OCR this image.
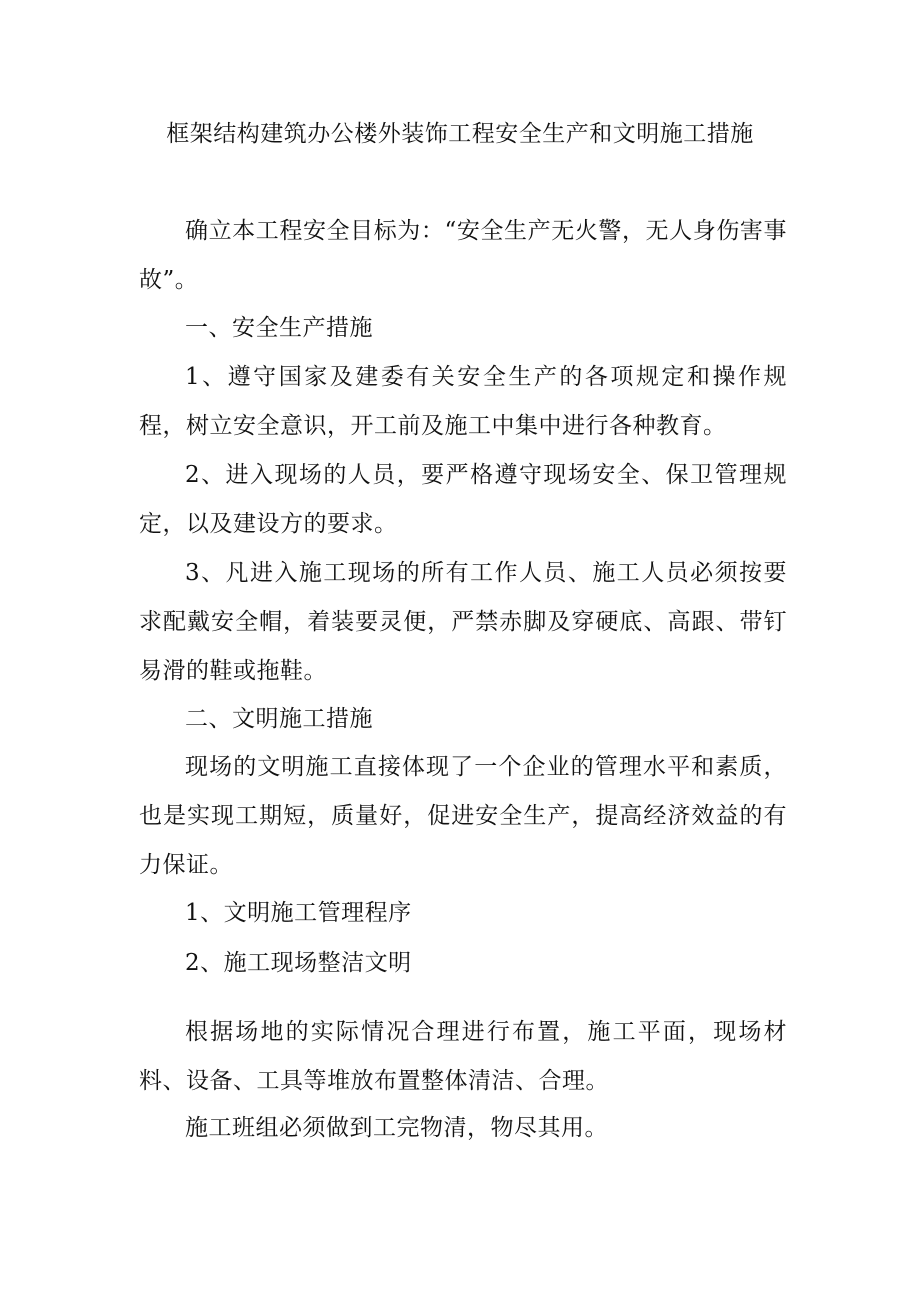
框架结构建筑办公楼外装饰工程安全生产和文明施工措施
确立本工程安全目标为：“安全生产无火警，无人身伤害事故”。
一、安全生产措施
1、遵守国家及建委有关安全生产的各项规定和操作规程，树立安全意识，开工前及施工中集中进行各种教育。
2、进入现场的人员，要严格遵守现场安全、保卫管理规定，以及建设方的要求。
3、凡进入施工现场的所有工作人员、施工人员必须按要求配戴安全帽，着装要灵便，严禁赤脚及穿硬底、高跟、带钉易滑的鞋或拖鞋。
二、文明施工措施
现场的文明施工直接体现了一个企业的管理水平和素质，也是实现工期短，质量好，促进安全生产，提高经济效益的有力保证。
1、文明施工管理程序
2、施工现场整洁文明
根据场地的实际情况合理进行布置，施工平面，现场材料、设备、工具等堆放布置整体清洁、合理。
施工班组必须做到工完物清，物尽其用。
